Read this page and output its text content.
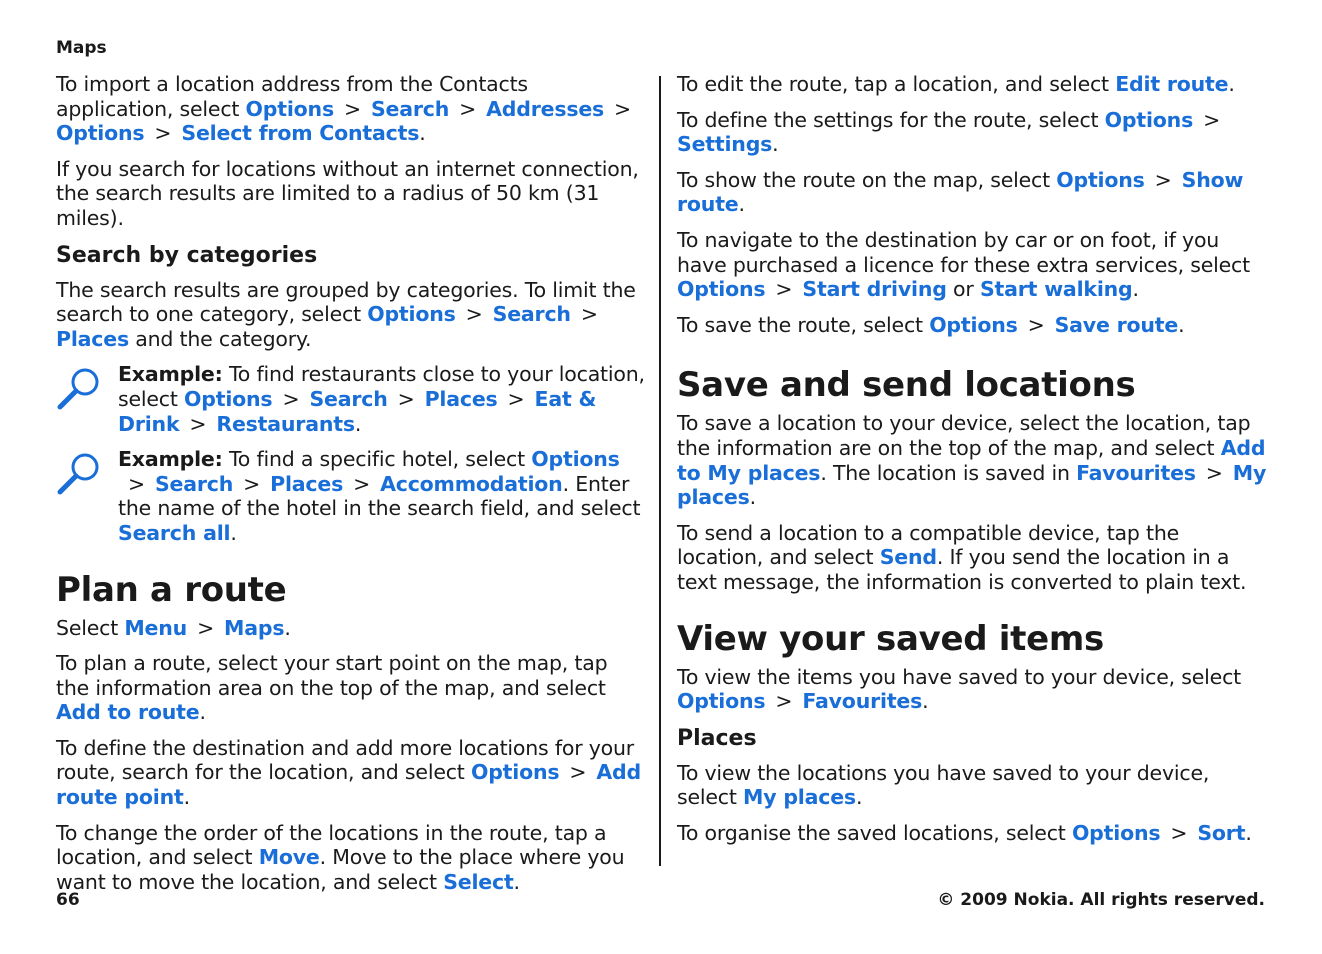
Maps

To import a location address from the Contacts application, select Options > Search > Addresses >Options > Select from Contacts.

If you search for locations without an internet connection, the search results are limited to a radius of 50 km (31 miles).

Search by categories

The search results are grouped by categories. To limit the search to one category, select Options > Search >Places and the category.

Example: To find restaurants close to your location, select Options > Search > Places > Eat & Drink > Restaurants.

Example: To find a specific hotel, select Options> Search > Places > Accommodation. Enter the name of the hotel in the search field, and select Search all.

Plan a route

Select Menu > Maps.

To plan a route, select your start point on the map, tap the information area on the top of the map, and select Add to route.

To define the destination and add more locations for your route, search for the location, and select Options > Add route point.

To change the order of the locations in the route, tap a location, and select Move. Move to the place where you want to move the location, and select Select.

To edit the route, tap a location, and select Edit route.

To define the settings for the route, select Options >Settings.

To show the route on the map, select Options > Show route.

To navigate to the destination by car or on foot, if you have purchased a licence for these extra services, select Options > Start driving or Start walking.

To save the route, select Options > Save route.

Save and send locations

To save a location to your device, select the location, tap the information are on the top of the map, and select Add to My places. The location is saved in Favourites > My places.

To send a location to a compatible device, tap the location, and select Send. If you send the location in a text message, the information is converted to plain text.

View your saved items

To view the items you have saved to your device, select Options > Favourites.

Places

To view the locations you have saved to your device, select My places.

To organise the saved locations, select Options > Sort.

66	© 2009 Nokia. All rights reserved.
